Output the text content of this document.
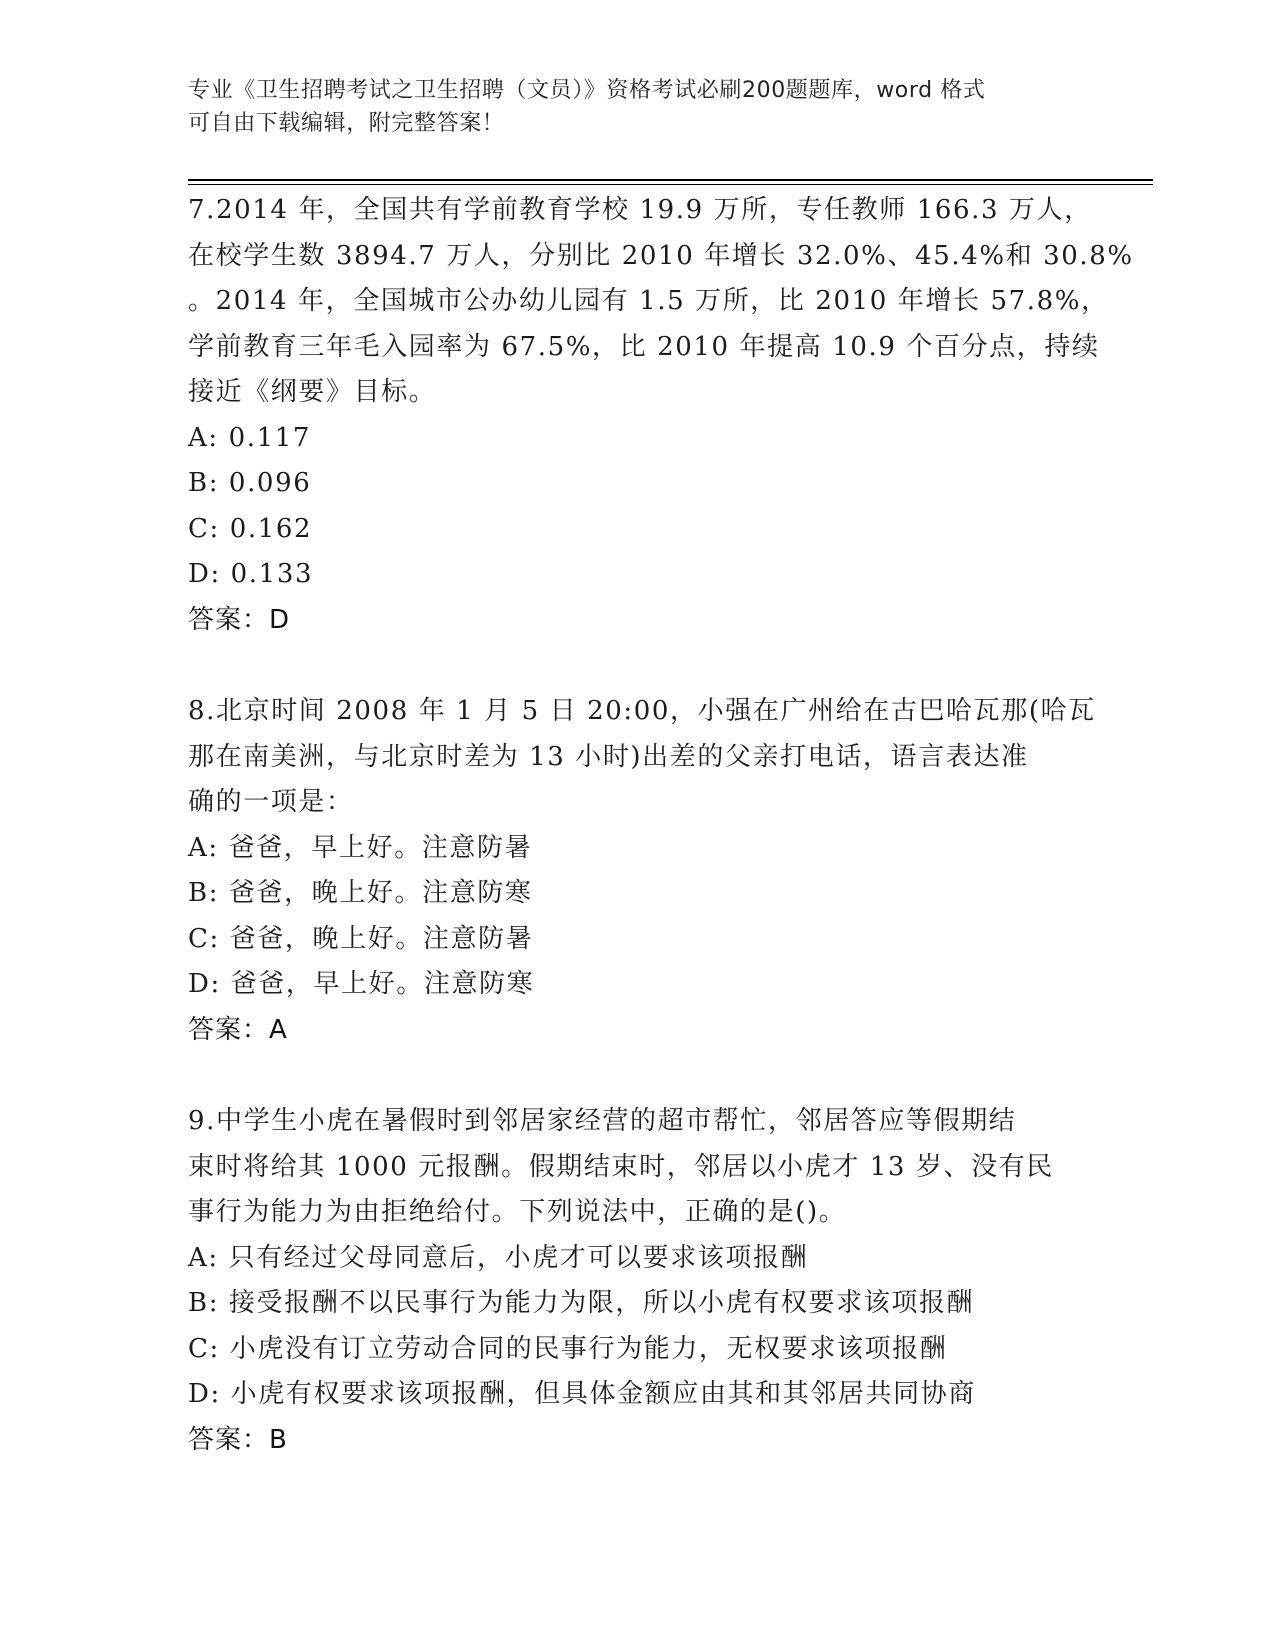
专业《卫生招聘考试之卫生招聘（文员）》资格考试必刷200题题库，word 格式
可自由下载编辑，附完整答案！
7.2014 年，全国共有学前教育学校 19.9 万所，专任教师 166.3 万人，
在校学生数 3894.7 万人，分别比 2010 年增长 32.0%、45.4%和 30.8%
。2014 年，全国城市公办幼儿园有 1.5 万所，比 2010 年增长 57.8%，
学前教育三年毛入园率为 67.5%，比 2010 年提高 10.9 个百分点，持续
接近《纲要》目标。
A: 0.117
B: 0.096
C: 0.162
D: 0.133
答案：D
8.北京时间 2008 年 1 月 5 日 20:00，小强在广州给在古巴哈瓦那(哈瓦
那在南美洲，与北京时差为 13 小时)出差的父亲打电话，语言表达准
确的一项是：
A: 爸爸，早上好。注意防暑
B: 爸爸，晚上好。注意防寒
C: 爸爸，晚上好。注意防暑
D: 爸爸，早上好。注意防寒
答案：A
9.中学生小虎在暑假时到邻居家经营的超市帮忙，邻居答应等假期结
束时将给其 1000 元报酬。假期结束时，邻居以小虎才 13 岁、没有民
事行为能力为由拒绝给付。下列说法中，正确的是()。
A: 只有经过父母同意后，小虎才可以要求该项报酬
B: 接受报酬不以民事行为能力为限，所以小虎有权要求该项报酬
C: 小虎没有订立劳动合同的民事行为能力，无权要求该项报酬
D: 小虎有权要求该项报酬，但具体金额应由其和其邻居共同协商
答案：B
